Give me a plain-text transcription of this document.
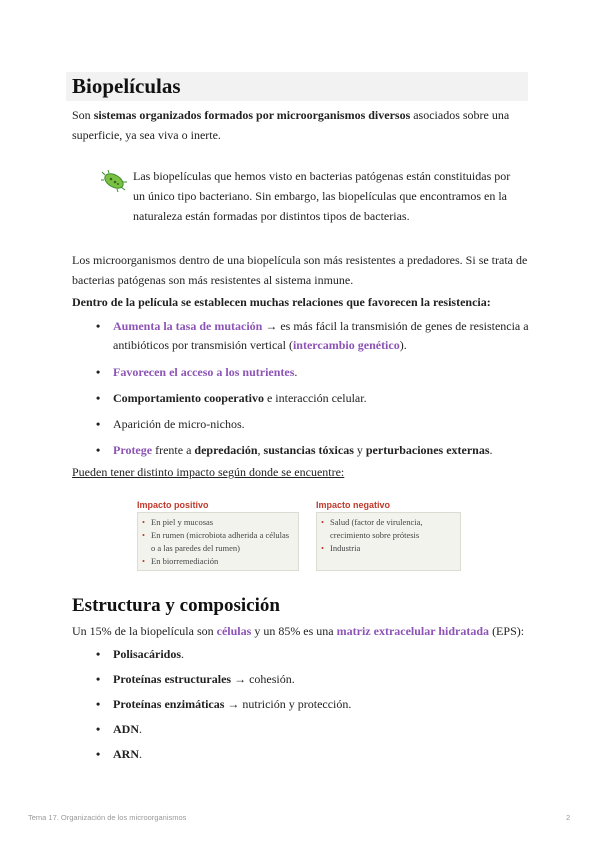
Biopelículas

Son sistemas organizados formados por microorganismos diversos asociados sobre una superficie, ya sea viva o inerte.

Las biopelículas que hemos visto en bacterias patógenas están constituidas por un único tipo bacteriano. Sin embargo, las biopelículas que encontramos en la naturaleza están formadas por distintos tipos de bacterias.

Los microorganismos dentro de una biopelícula son más resistentes a predadores. Si se trata de bacterias patógenas son más resistentes al sistema inmune.

Dentro de la película se establecen muchas relaciones que favorecen la resistencia:

• Aumenta la tasa de mutación → es más fácil la transmisión de genes de resistencia a antibióticos por transmisión vertical (intercambio genético).
• Favorecen el acceso a los nutrientes.
• Comportamiento cooperativo e interacción celular.
• Aparición de micro-nichos.
• Protege frente a depredación, sustancias tóxicas y perturbaciones externas.

Pueden tener distinto impacto según donde se encuentre:

Impacto positivo
• En piel y mucosas
• En rumen (microbiota adherida a células o a las paredes del rumen)
• En biorremediación
Impacto negativo
• Salud (factor de virulencia, crecimiento sobre prótesis
• Industria
Estructura y composición

Un 15% de la biopelícula son células y un 85% es una matriz extracelular hidratada (EPS):

• Polisacáridos.
• Proteínas estructurales → cohesión.
• Proteínas enzimáticas → nutrición y protección.
• ADN.
• ARN.
Tema 17. Organización de los microorganismos	2
